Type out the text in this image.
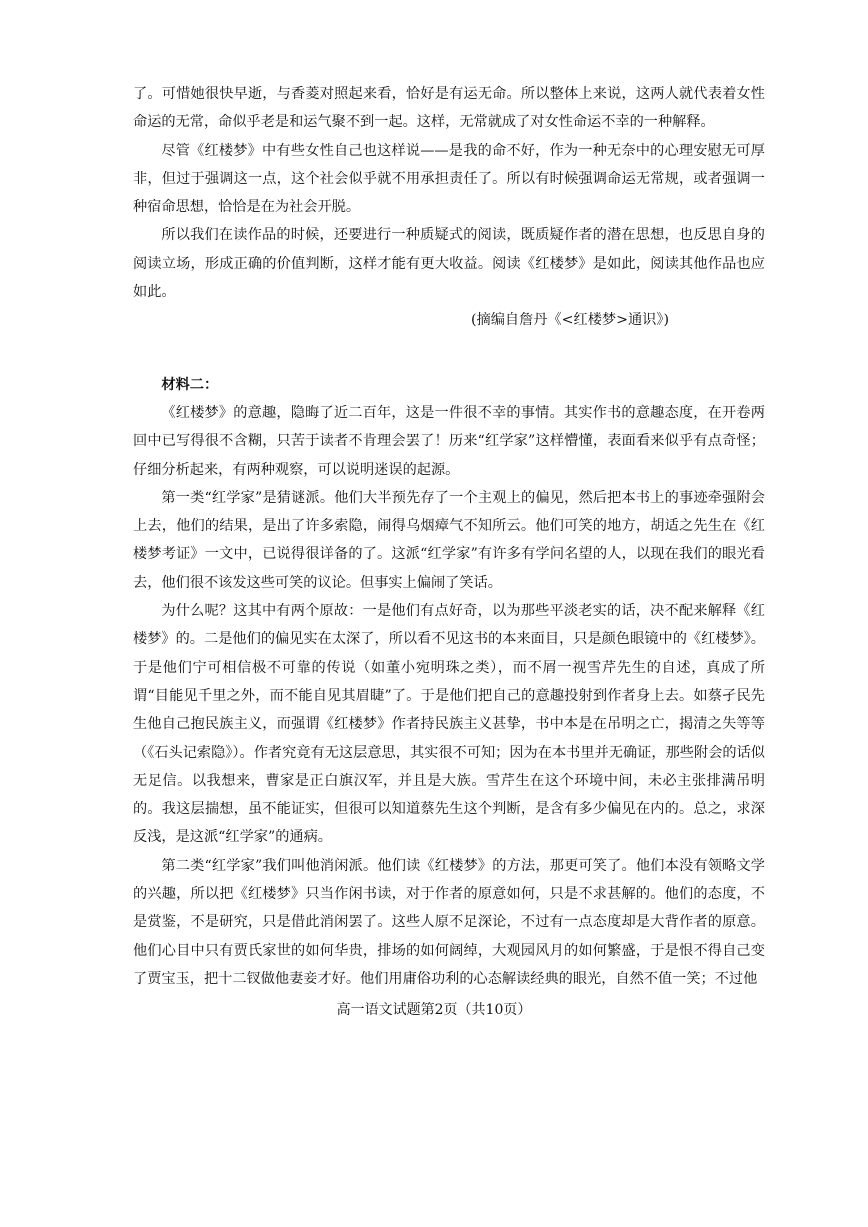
了。可惜她很快早逝，与香菱对照起来看，恰好是有运无命。所以整体上来说，这两人就代表着女性命运的无常，命似乎老是和运气聚不到一起。这样，无常就成了对女性命运不幸的一种解释。

尽管《红楼梦》中有些女性自己也这样说——是我的命不好，作为一种无奈中的心理安慰无可厚非，但过于强调这一点，这个社会似乎就不用承担责任了。所以有时候强调命运无常规，或者强调一种宿命思想，恰恰是在为社会开脱。

所以我们在读作品的时候，还要进行一种质疑式的阅读，既质疑作者的潜在思想，也反思自身的阅读立场，形成正确的价值判断，这样才能有更大收益。阅读《红楼梦》是如此，阅读其他作品也应如此。

(摘编自詹丹《<红楼梦>通识》)

材料二：

《红楼梦》的意趣，隐晦了近二百年，这是一件很不幸的事情。其实作书的意趣态度，在开卷两回中已写得很不含糊，只苦于读者不肯理会罢了！历来“红学家”这样懵懂，表面看来似乎有点奇怪；仔细分析起来，有两种观察，可以说明迷误的起源。

第一类“红学家”是猜谜派。他们大半预先存了一个主观上的偏见，然后把本书上的事迹牵强附会上去，他们的结果，是出了许多索隐，闹得乌烟瘴气不知所云。他们可笑的地方，胡适之先生在《红楼梦考证》一文中，已说得很详备的了。这派“红学家”有许多有学问名望的人，以现在我们的眼光看去，他们很不该发这些可笑的议论。但事实上偏闹了笑话。

为什么呢？这其中有两个原故：一是他们有点好奇，以为那些平淡老实的话，决不配来解释《红楼梦》的。二是他们的偏见实在太深了，所以看不见这书的本来面目，只是颜色眼镜中的《红楼梦》。于是他们宁可相信极不可靠的传说（如董小宛明珠之类），而不屑一视雪芹先生的自述，真成了所谓“目能见千里之外，而不能自见其眉睫”了。于是他们把自己的意趣投射到作者身上去。如蔡孑民先生他自己抱民族主义，而强谓《红楼梦》作者持民族主义甚挚，书中本是在吊明之亡，揭清之失等等（《石头记索隐》）。作者究竟有无这层意思，其实很不可知；因为在本书里并无确证，那些附会的话似无足信。以我想来，曹家是正白旗汉军，并且是大族。雪芹生在这个环境中间，未必主张排满吊明的。我这层揣想，虽不能证实，但很可以知道蔡先生这个判断，是含有多少偏见在内的。总之，求深反浅，是这派“红学家”的通病。

第二类“红学家”我们叫他消闲派。他们读《红楼梦》的方法，那更可笑了。他们本没有领略文学的兴趣，所以把《红楼梦》只当作闲书读，对于作者的原意如何，只是不求甚解的。他们的态度，不是赏鉴，不是研究，只是借此消闲罢了。这些人原不足深论，不过有一点态度却是大背作者的原意。他们心目中只有贾氏家世的如何华贵，排场的如何阔绰，大观园风月的如何繁盛，于是恨不得自己变了贾宝玉，把十二钗做他妻妾才好。他们用庸俗功利的心态解读经典的眼光，自然不值一笑；不过他

高一语文试题第2页（共10页）
